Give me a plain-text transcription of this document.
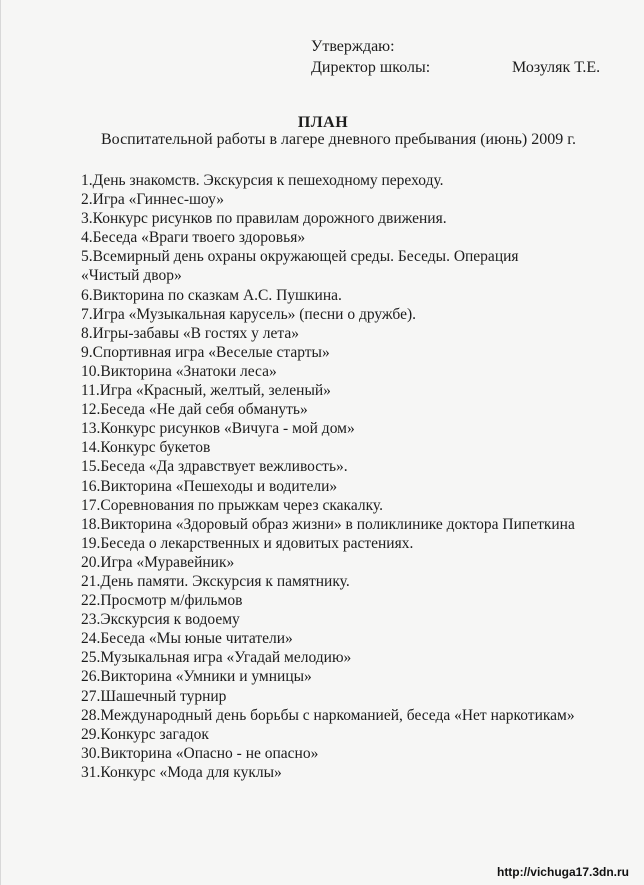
Утверждаю:
Директор школы:	Мозуляк Т.Е.
ПЛАН
Воспитательной работы в лагере дневного пребывания (июнь) 2009 г.
1.День знакомств. Экскурсия к пешеходному переходу.
2.Игра «Гиннес-шоу»
3.Конкурс рисунков по правилам дорожного движения.
4.Беседа «Враги твоего здоровья»
5.Всемирный день охраны окружающей среды. Беседы. Операция
«Чистый двор»
6.Викторина по сказкам А.С. Пушкина.
7.Игра «Музыкальная карусель» (песни о дружбе).
8.Игры-забавы «В гостях у лета»
9.Спортивная игра «Веселые старты»
10.Викторина «Знатоки леса»
11.Игра «Красный, желтый, зеленый»
12.Беседа «Не дай себя обмануть»
13.Конкурс рисунков «Вичуга - мой дом»
14.Конкурс букетов
15.Беседа «Да здравствует вежливость».
16.Викторина «Пешеходы и водители»
17.Соревнования по прыжкам через скакалку.
18.Викторина «Здоровый образ жизни» в поликлинике доктора Пипеткина
19.Беседа о лекарственных и ядовитых растениях.
20.Игра «Муравейник»
21.День памяти. Экскурсия к памятнику.
22.Просмотр м/фильмов
23.Экскурсия к водоему
24.Беседа «Мы юные читатели»
25.Музыкальная игра «Угадай мелодию»
26.Викторина «Умники и умницы»
27.Шашечный турнир
28.Международный день борьбы с наркоманией, беседа «Нет наркотикам»
29.Конкурс загадок
30.Викторина «Опасно - не опасно»
31.Конкурс «Мода для куклы»
http://vichuga17.3dn.ru
